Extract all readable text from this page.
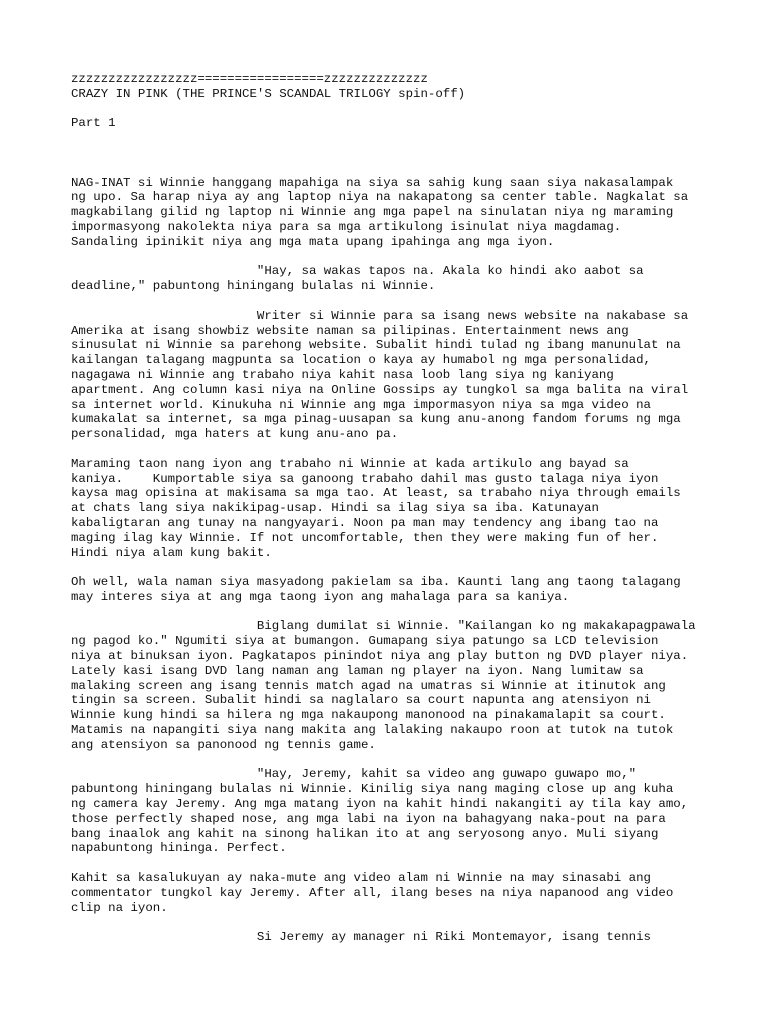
zzzzzzzzzzzzzzzzz=================zzzzzzzzzzzzzz
CRAZY IN PINK (THE PRINCE'S SCANDAL TRILOGY spin-off)
Part 1
NAG-INAT si Winnie hanggang mapahiga na siya sa sahig kung saan siya nakasalampak
ng upo. Sa harap niya ay ang laptop niya na nakapatong sa center table. Nagkalat sa
magkabilang gilid ng laptop ni Winnie ang mga papel na sinulatan niya ng maraming
impormasyong nakolekta niya para sa mga artikulong isinulat niya magdamag.
Sandaling ipinikit niya ang mga mata upang ipahinga ang mga iyon.
"Hay, sa wakas tapos na. Akala ko hindi ako aabot sa
deadline," pabuntong hiningang bulalas ni Winnie.
Writer si Winnie para sa isang news website na nakabase sa
Amerika at isang showbiz website naman sa pilipinas. Entertainment news ang
sinusulat ni Winnie sa parehong website. Subalit hindi tulad ng ibang manunulat na
kailangan talagang magpunta sa location o kaya ay humabol ng mga personalidad,
nagagawa ni Winnie ang trabaho niya kahit nasa loob lang siya ng kaniyang
apartment. Ang column kasi niya na Online Gossips ay tungkol sa mga balita na viral
sa internet world. Kinukuha ni Winnie ang mga impormasyon niya sa mga video na
kumakalat sa internet, sa mga pinag-uusapan sa kung anu-anong fandom forums ng mga
personalidad, mga haters at kung anu-ano pa.
Maraming taon nang iyon ang trabaho ni Winnie at kada artikulo ang bayad sa
kaniya.    Kumportable siya sa ganoong trabaho dahil mas gusto talaga niya iyon
kaysa mag opisina at makisama sa mga tao. At least, sa trabaho niya through emails
at chats lang siya nakikipag-usap. Hindi sa ilag siya sa iba. Katunayan
kabaligtaran ang tunay na nangyayari. Noon pa man may tendency ang ibang tao na
maging ilag kay Winnie. If not uncomfortable, then they were making fun of her.
Hindi niya alam kung bakit.
Oh well, wala naman siya masyadong pakielam sa iba. Kaunti lang ang taong talagang
may interes siya at ang mga taong iyon ang mahalaga para sa kaniya.
Biglang dumilat si Winnie. "Kailangan ko ng makakapagpawala
ng pagod ko." Ngumiti siya at bumangon. Gumapang siya patungo sa LCD television
niya at binuksan iyon. Pagkatapos pinindot niya ang play button ng DVD player niya.
Lately kasi isang DVD lang naman ang laman ng player na iyon. Nang lumitaw sa
malaking screen ang isang tennis match agad na umatras si Winnie at itinutok ang
tingin sa screen. Subalit hindi sa naglalaro sa court napunta ang atensiyon ni
Winnie kung hindi sa hilera ng mga nakaupong manonood na pinakamalapit sa court.
Matamis na napangiti siya nang makita ang lalaking nakaupo roon at tutok na tutok
ang atensiyon sa panonood ng tennis game.
"Hay, Jeremy, kahit sa video ang guwapo guwapo mo,"
pabuntong hiningang bulalas ni Winnie. Kinilig siya nang maging close up ang kuha
ng camera kay Jeremy. Ang mga matang iyon na kahit hindi nakangiti ay tila kay amo,
those perfectly shaped nose, ang mga labi na iyon na bahagyang naka-pout na para
bang inaalok ang kahit na sinong halikan ito at ang seryosong anyo. Muli siyang
napabuntong hininga. Perfect.
Kahit sa kasalukuyan ay naka-mute ang video alam ni Winnie na may sinasabi ang
commentator tungkol kay Jeremy. After all, ilang beses na niya napanood ang video
clip na iyon.
Si Jeremy ay manager ni Riki Montemayor, isang tennis
